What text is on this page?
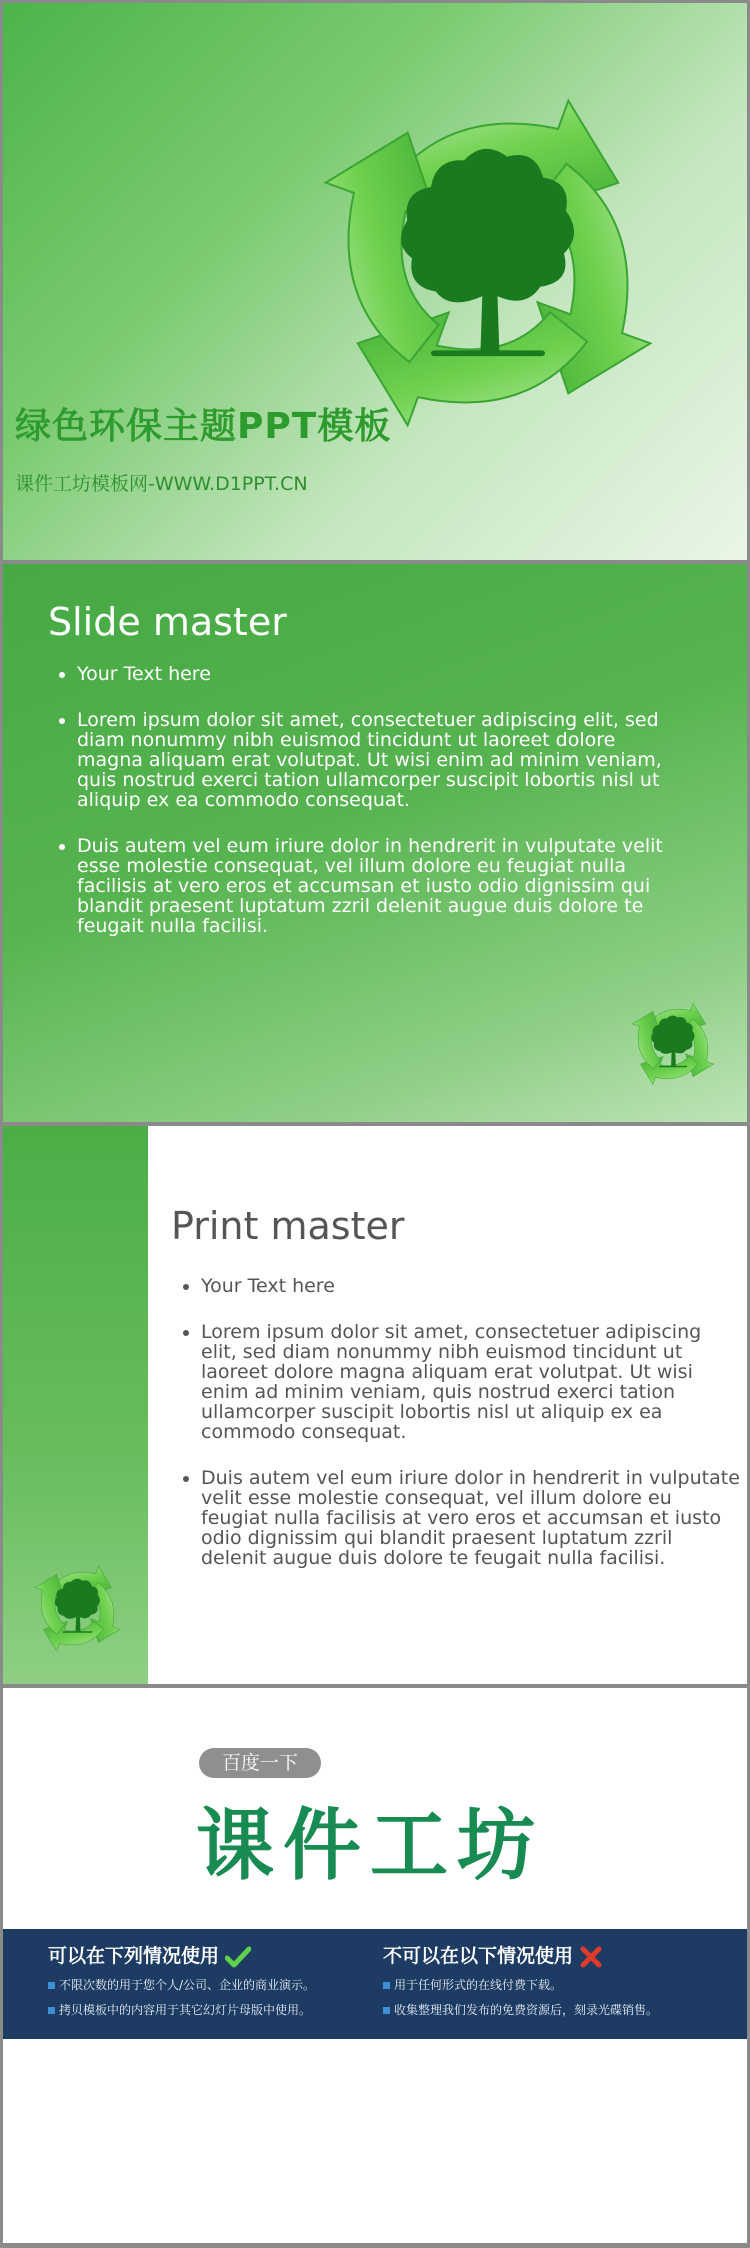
绿色环保主题PPT模板
课件工坊模板网-WWW.D1PPT.CN
Slide master
• Your Text here
• Lorem ipsum dolor sit amet, consectetuer adipiscing elit, sed diam nonummy nibh euismod tincidunt ut laoreet dolore magna aliquam erat volutpat. Ut wisi enim ad minim veniam, quis nostrud exerci tation ullamcorper suscipit lobortis nisl ut aliquip ex ea commodo consequat.
• Duis autem vel eum iriure dolor in hendrerit in vulputate velit esse molestie consequat, vel illum dolore eu feugiat nulla facilisis at vero eros et accumsan et iusto odio dignissim qui blandit praesent luptatum zzril delenit augue duis dolore te feugait nulla facilisi.
Print master
• Your Text here
• Lorem ipsum dolor sit amet, consectetuer adipiscing elit, sed diam nonummy nibh euismod tincidunt ut laoreet dolore magna aliquam erat volutpat. Ut wisi enim ad minim veniam, quis nostrud exerci tation ullamcorper suscipit lobortis nisl ut aliquip ex ea commodo consequat.
• Duis autem vel eum iriure dolor in hendrerit in vulputate velit esse molestie consequat, vel illum dolore eu feugiat nulla facilisis at vero eros et accumsan et iusto odio dignissim qui blandit praesent luptatum zzril delenit augue duis dolore te feugait nulla facilisi.
百度一下
课件工坊
可以在下列情况使用
不限次数的用于您个人/公司、企业的商业演示。
拷贝模板中的内容用于其它幻灯片母版中使用。
不可以在以下情况使用
用于任何形式的在线付费下载。
收集整理我们发布的免费资源后，刻录光碟销售。
